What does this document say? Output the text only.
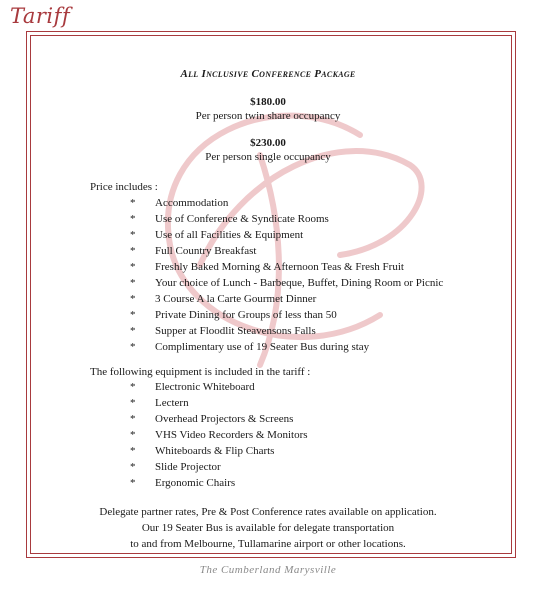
Tariff
All Inclusive Conference Package
$180.00
Per person twin share occupancy
$230.00
Per person single occupancy
Price includes :
* Accommodation
* Use of Conference & Syndicate Rooms
* Use of all Facilities & Equipment
* Full Country Breakfast
* Freshly Baked Morning & Afternoon Teas & Fresh Fruit
* Your choice of Lunch - Barbeque, Buffet, Dining Room or Picnic
* 3 Course A la Carte Gourmet Dinner
* Private Dining for Groups of less than 50
* Supper at Floodlit Steavensons Falls
* Complimentary use of 19 Seater Bus during stay
The following equipment is included in the tariff :
* Electronic Whiteboard
* Lectern
* Overhead Projectors & Screens
* VHS Video Recorders & Monitors
* Whiteboards & Flip Charts
* Slide Projector
* Ergonomic Chairs
Delegate partner rates, Pre & Post Conference rates available on application.
Our 19 Seater Bus is available for delegate transportation
to and from Melbourne, Tullamarine airport or other locations.
The Cumberland Marysville
